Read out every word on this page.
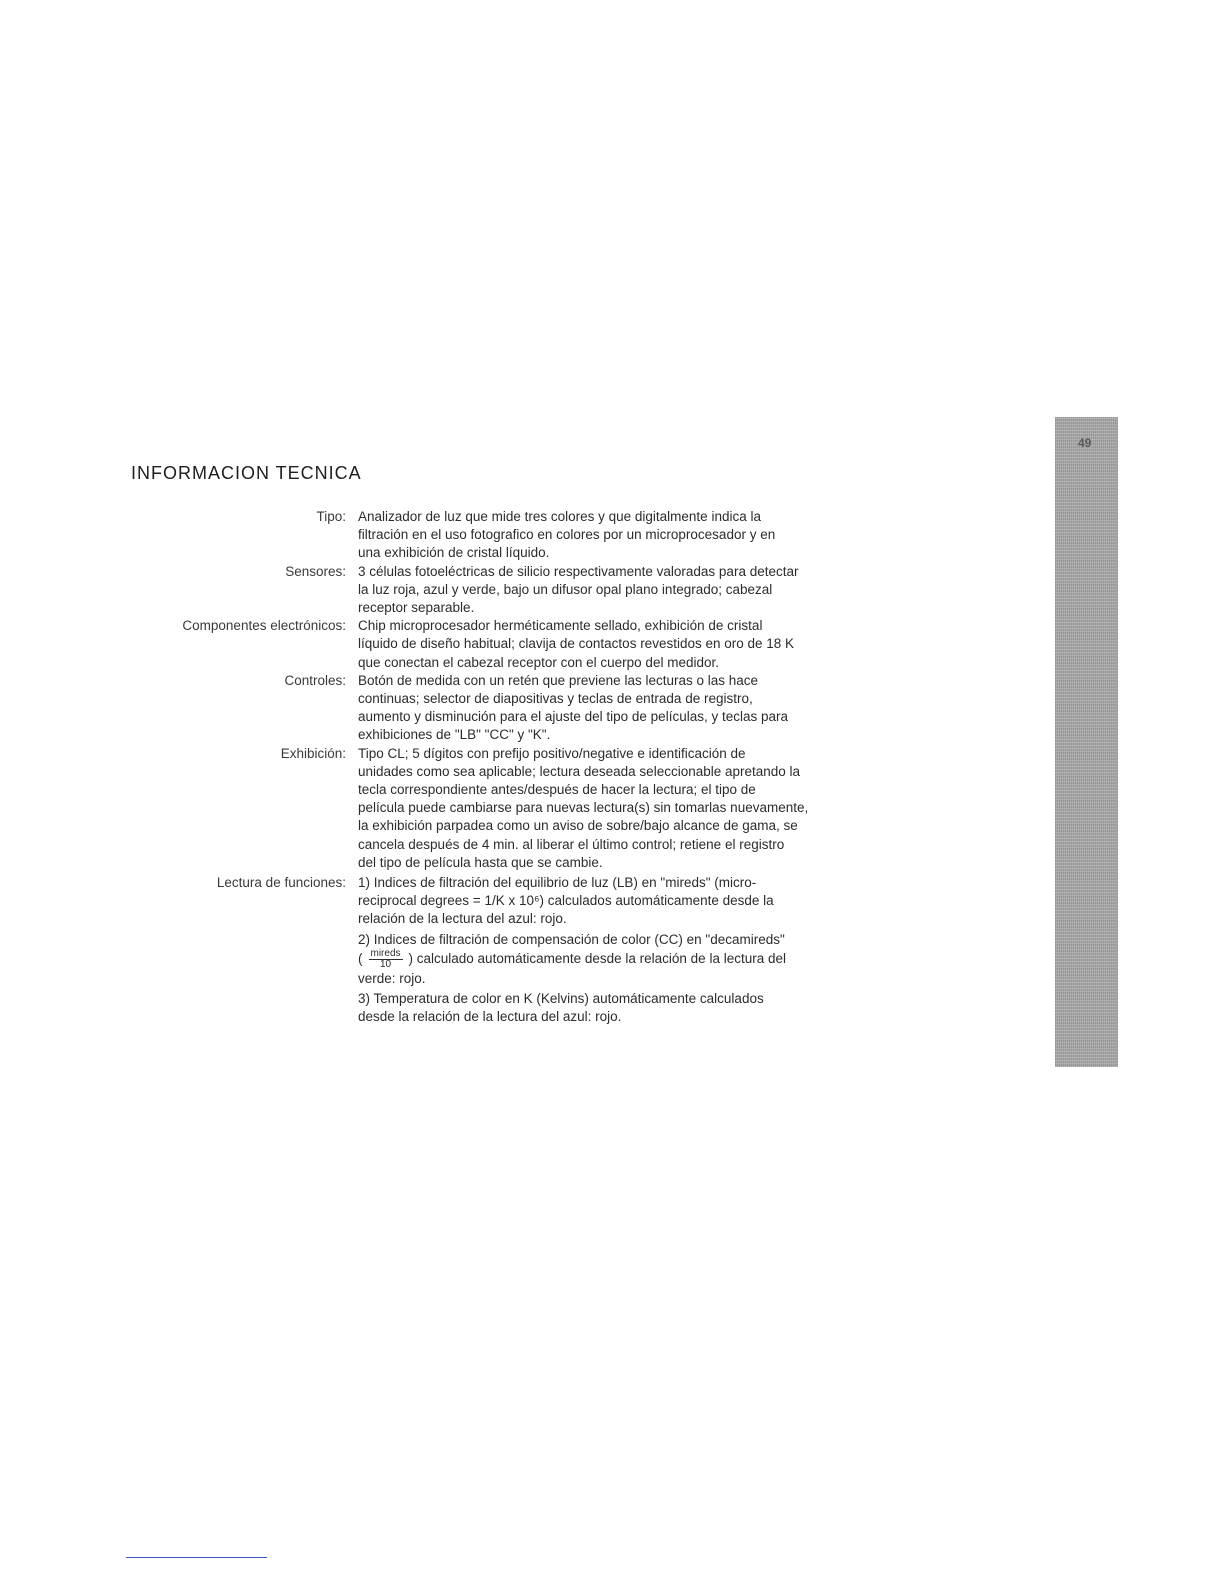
INFORMACION TECNICA
Tipo: Analizador de luz que mide tres colores y que digitalmente indica la
filtración en el uso fotografico en colores por un microprocesador y en
una exhibición de cristal líquido.
Sensores: 3 células fotoeléctricas de silicio respectivamente valoradas para detectar
la luz roja, azul y verde, bajo un difusor opal plano integrado; cabezal
receptor separable.
Componentes electrónicos: Chip microprocesador herméticamente sellado, exhibición de cristal
líquido de diseño habitual; clavija de contactos revestidos en oro de 18 K
que conectan el cabezal receptor con el cuerpo del medidor.
Controles: Botón de medida con un retén que previene las lecturas o las hace
continuas; selector de diapositivas y teclas de entrada de registro,
aumento y disminución para el ajuste del tipo de películas, y teclas para
exhibiciones de "LB" "CC" y "K".
Exhibición: Tipo CL; 5 dígitos con prefijo positivo/negative e identificación de
unidades como sea aplicable; lectura deseada seleccionable apretando la
tecla correspondiente antes/después de hacer la lectura; el tipo de
película puede cambiarse para nuevas lectura(s) sin tomarlas nuevamente,
la exhibición parpadea como un aviso de sobre/bajo alcance de gama, se
cancela después de 4 min. al liberar el último control; retiene el registro
del tipo de película hasta que se cambie.
Lectura de funciones: 1) Indices de filtración del equilibrio de luz (LB) en "mireds" (micro-
reciprocal degrees = 1/K x 10⁶) calculados automáticamente desde la
relación de la lectura del azul: rojo.
2) Indices de filtración de compensación de color (CC) en "decamireds"
( $\frac{\text{mireds}}{10}$ ) calculado automáticamente desde la relación de la lectura del
verde: rojo.
3) Temperatura de color en K (Kelvins) automáticamente calculados
desde la relación de la lectura del azul: rojo.
49
